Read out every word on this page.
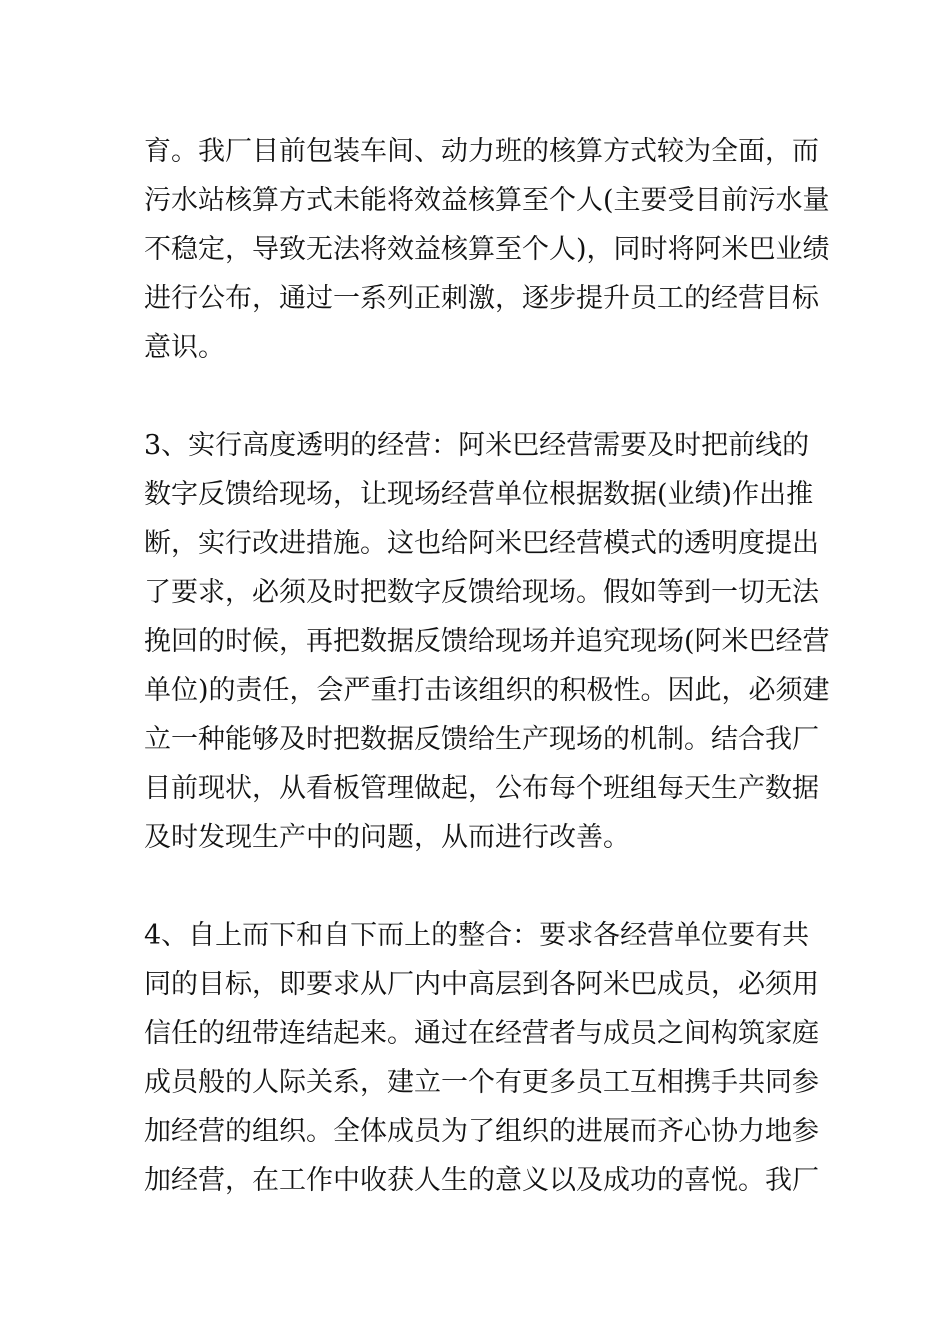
育。我厂目前包装车间、动力班的核算方式较为全面，而
污水站核算方式未能将效益核算至个人(主要受目前污水量
不稳定，导致无法将效益核算至个人)，同时将阿米巴业绩
进行公布，通过一系列正刺激，逐步提升员工的经营目标
意识。
3、实行高度透明的经营：阿米巴经营需要及时把前线的
数字反馈给现场，让现场经营单位根据数据(业绩)作出推
断，实行改进措施。这也给阿米巴经营模式的透明度提出
了要求，必须及时把数字反馈给现场。假如等到一切无法
挽回的时候，再把数据反馈给现场并追究现场(阿米巴经营
单位)的责任，会严重打击该组织的积极性。因此，必须建
立一种能够及时把数据反馈给生产现场的机制。结合我厂
目前现状，从看板管理做起，公布每个班组每天生产数据
及时发现生产中的问题，从而进行改善。
4、自上而下和自下而上的整合：要求各经营单位要有共
同的目标，即要求从厂内中高层到各阿米巴成员，必须用
信任的纽带连结起来。通过在经营者与成员之间构筑家庭
成员般的人际关系，建立一个有更多员工互相携手共同参
加经营的组织。全体成员为了组织的进展而齐心协力地参
加经营，在工作中收获人生的意义以及成功的喜悦。我厂
